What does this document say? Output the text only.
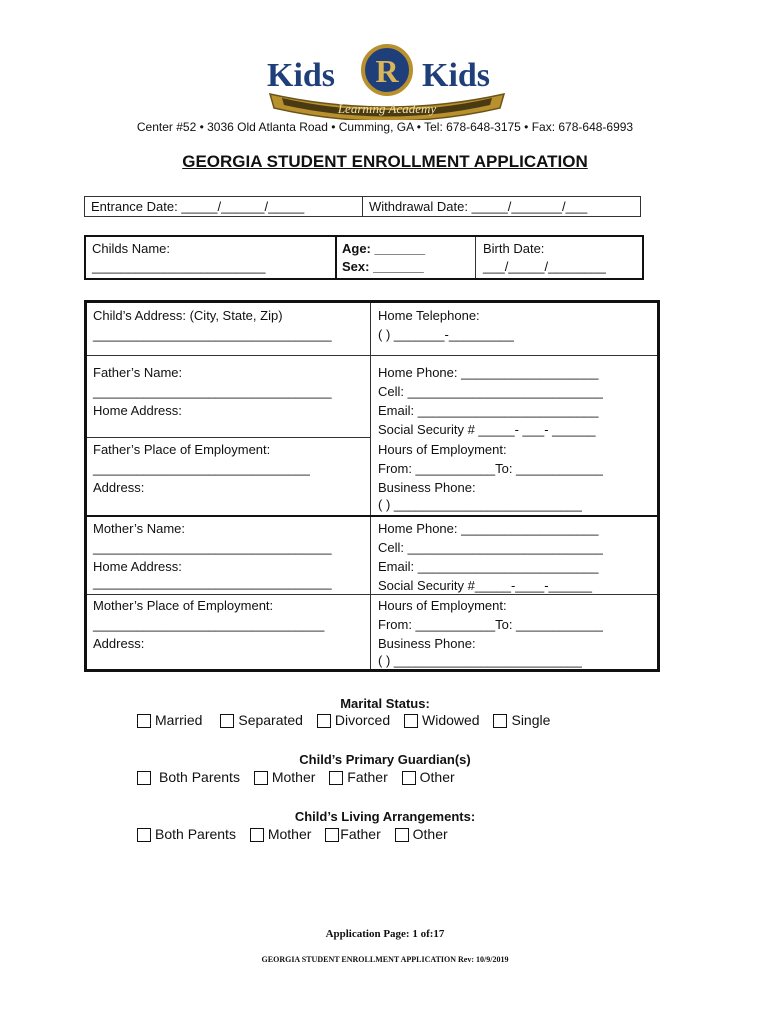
Kids R Kids
Learning Academy
Center #52 • 3036 Old Atlanta Road • Cumming, GA • Tel: 678-648-3175 • Fax: 678-648-6993
GEORGIA STUDENT ENROLLMENT APPLICATION
Entrance Date: _____/______/_____	Withdrawal Date: _____/_______/___
Childs Name:
________________________
Age: _______
Sex: _______
Birth Date:
___/_____/________
Child’s Address: (City, State, Zip)
_________________________________
Home Telephone:
( ) _______-_________
Father’s Name:
_________________________________
Home Address:
Father’s Place of Employment:
______________________________
Address:
Home Phone: ___________________
Cell: ___________________________
Email: _________________________
Social Security # _____- ___- ______
Hours of Employment:
From: ___________To: ____________
Business Phone:
( ) __________________________
Mother’s Name:
_________________________________
Home Address:
_________________________________
Mother’s Place of Employment:
________________________________
Address:
Home Phone: ___________________
Cell: ___________________________
Email: _________________________
Social Security #_____-____-______
Hours of Employment:
From: ___________To: ____________
Business Phone:
( ) __________________________
Marital Status:
Married	Separated Divorced Widowed Single
Child’s Primary Guardian(s)
Both Parents Mother Father Other
Child’s Living Arrangements:
Both Parents Mother Father Other
Application Page: 1 of:17
GEORGIA STUDENT ENROLLMENT APPLICATION Rev: 10/9/2019
